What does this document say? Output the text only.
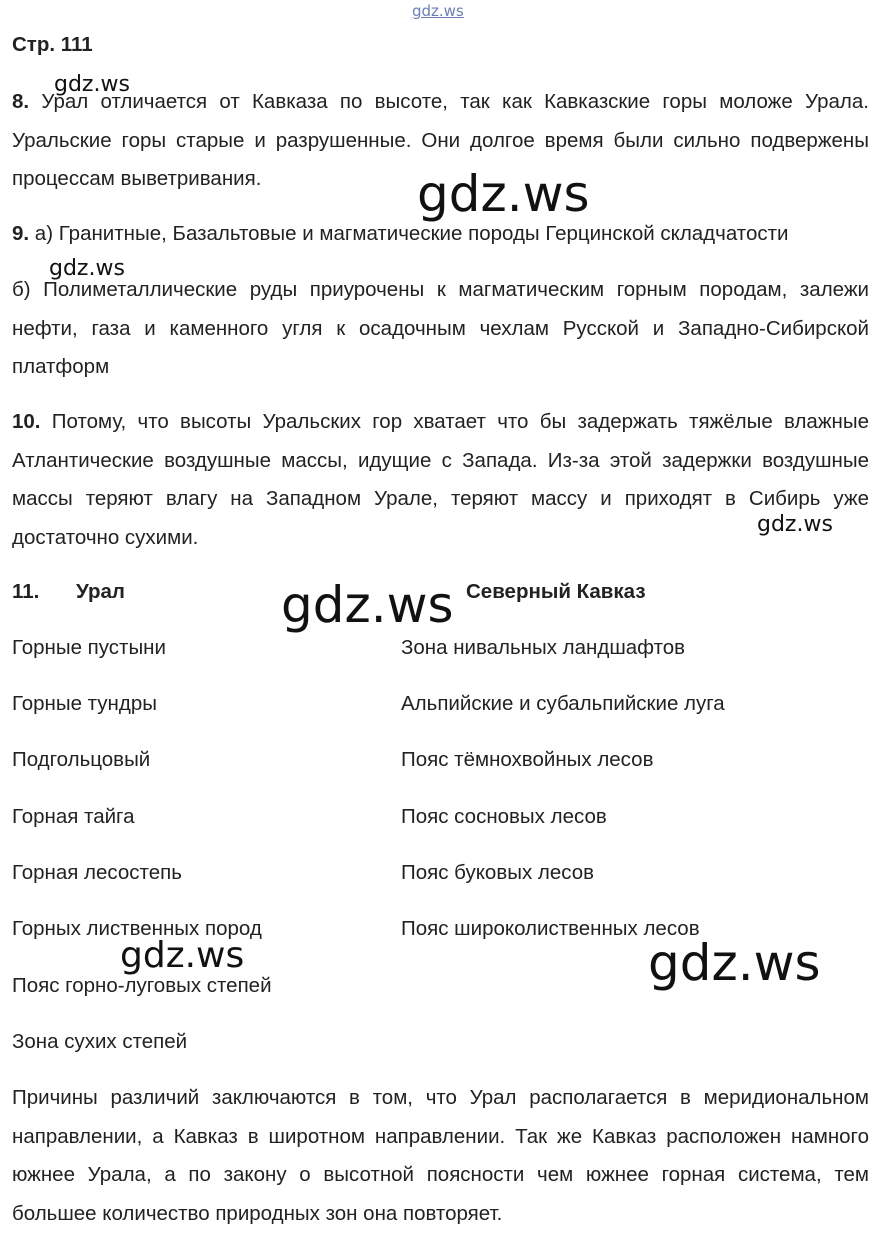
gdz.ws
Стр. 111

8. Урал отличается от Кавказа по высоте, так как Кавказские горы моложе Урала. Уральские горы старые и разрушенные. Они долгое время были сильно подвержены процессам выветривания.

9. а) Гранитные, Базальтовые и магматические породы Герцинской складчатости

б) Полиметаллические руды приурочены к магматическим горным породам, залежи нефти, газа и каменного угля к осадочным чехлам Русской и Западно-Сибирской платформ

10. Потому, что высоты Уральских гор хватает что бы задержать тяжёлые влажные Атлантические воздушные массы, идущие с Запада. Из-за этой задержки воздушные массы теряют влагу на Западном Урале, теряют массу и приходят в Сибирь уже достаточно сухими.

11. Урал	Северный Кавказ
Горные пустыни	Зона нивальных ландшафтов
Горные тундры	Альпийские и субальпийские луга
Подгольцовый	Пояс тёмнохвойных лесов
Горная тайга	Пояс сосновых лесов
Горная лесостепь	Пояс буковых лесов
Горных лиственных пород	Пояс широколиственных лесов
Пояс горно-луговых степей
Зона сухих степей

Причины различий заключаются в том, что Урал располагается в меридиональном направлении, а Кавказ в широтном направлении. Так же Кавказ расположен намного южнее Урала, а по закону о высотной поясности чем южнее горная система, тем большее количество природных зон она повторяет.

gdz.ws
gdz.ws
gdz.ws
gdz.ws
gdz.ws
gdz.ws	gdz.ws
